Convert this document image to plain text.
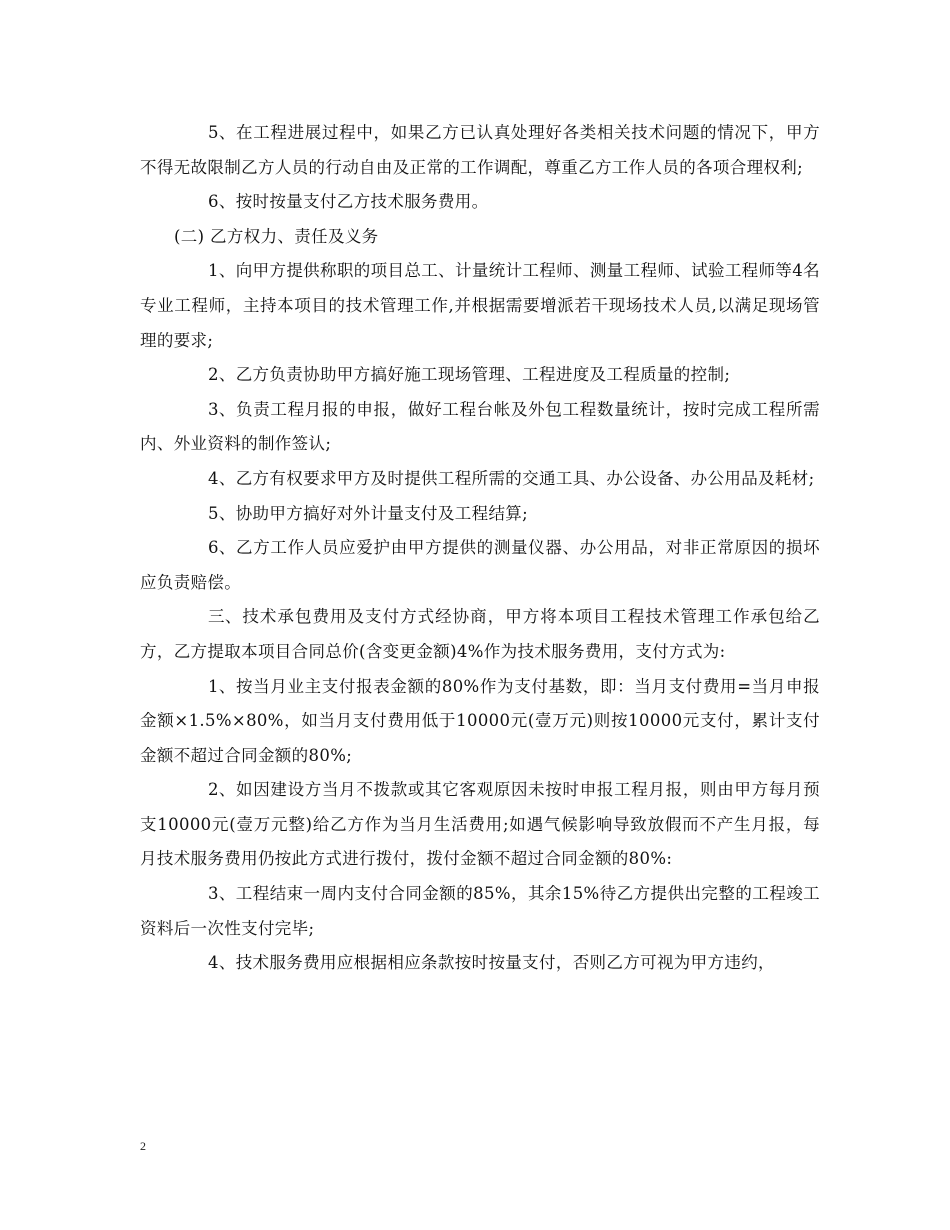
5、在工程进展过程中，如果乙方已认真处理好各类相关技术问题的情况下，甲方不得无故限制乙方人员的行动自由及正常的工作调配，尊重乙方工作人员的各项合理权利;

6、按时按量支付乙方技术服务费用。

(二) 乙方权力、责任及义务

1、向甲方提供称职的项目总工、计量统计工程师、测量工程师、试验工程师等4名专业工程师，主持本项目的技术管理工作,并根据需要增派若干现场技术人员,以满足现场管理的要求;

2、乙方负责协助甲方搞好施工现场管理、工程进度及工程质量的控制;

3、负责工程月报的申报，做好工程台帐及外包工程数量统计，按时完成工程所需内、外业资料的制作签认;

4、乙方有权要求甲方及时提供工程所需的交通工具、办公设备、办公用品及耗材;

5、协助甲方搞好对外计量支付及工程结算;

6、乙方工作人员应爱护由甲方提供的测量仪器、办公用品，对非正常原因的损坏应负责赔偿。

三、技术承包费用及支付方式经协商，甲方将本项目工程技术管理工作承包给乙方，乙方提取本项目合同总价(含变更金额)4%作为技术服务费用，支付方式为:

1、按当月业主支付报表金额的80%作为支付基数，即：当月支付费用=当月申报金额×1.5%×80%，如当月支付费用低于10000元(壹万元)则按10000元支付，累计支付金额不超过合同金额的80%;

2、如因建设方当月不拨款或其它客观原因未按时申报工程月报，则由甲方每月预支10000元(壹万元整)给乙方作为当月生活费用;如遇气候影响导致放假而不产生月报，每月技术服务费用仍按此方式进行拨付，拨付金额不超过合同金额的80%:

3、工程结束一周内支付合同金额的85%，其余15%待乙方提供出完整的工程竣工资料后一次性支付完毕;

4、技术服务费用应根据相应条款按时按量支付，否则乙方可视为甲方违约，

2
